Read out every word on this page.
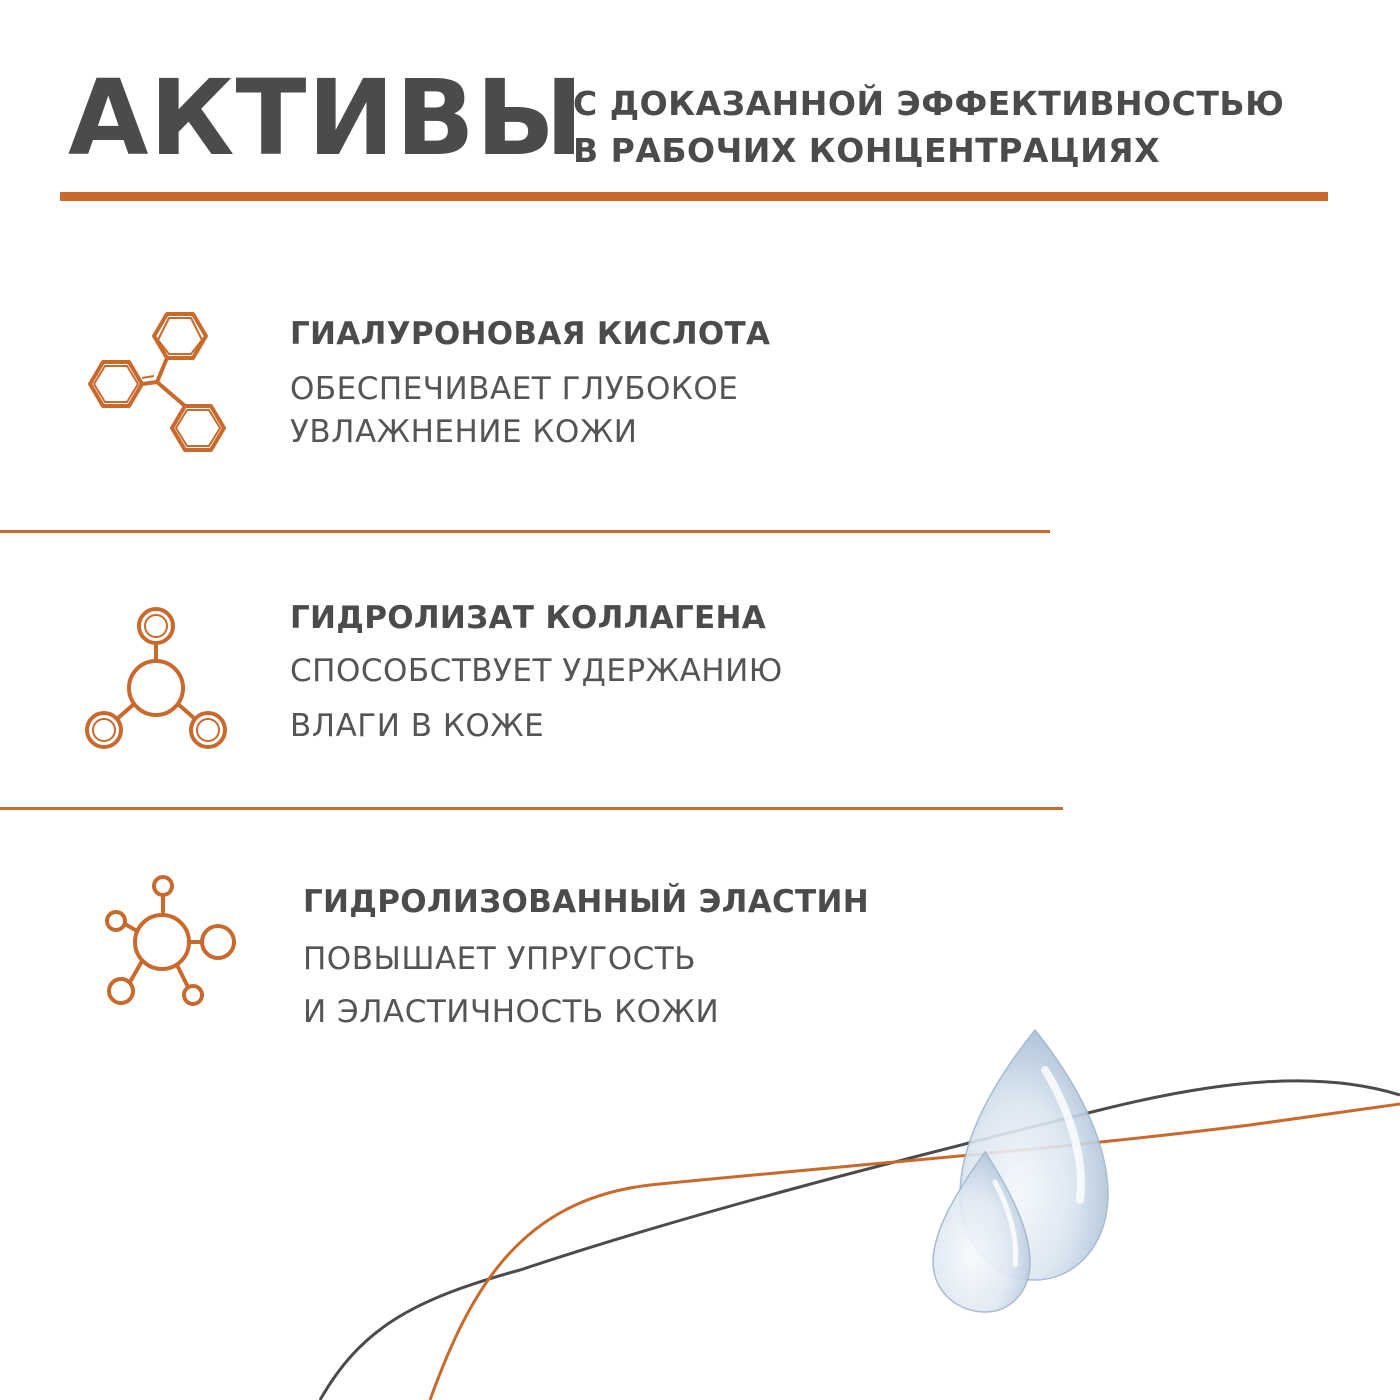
АКТИВЫ
С ДОКАЗАННОЙ ЭФФЕКТИВНОСТЬЮ
В РАБОЧИХ КОНЦЕНТРАЦИЯХ
ГИАЛУРОНОВАЯ КИСЛОТА
ОБЕСПЕЧИВАЕТ ГЛУБОКОЕ
УВЛАЖНЕНИЕ КОЖИ
ГИДРОЛИЗАТ КОЛЛАГЕНА
СПОСОБСТВУЕТ УДЕРЖАНИЮ
ВЛАГИ В КОЖЕ
ГИДРОЛИЗОВАННЫЙ ЭЛАСТИН
ПОВЫШАЕТ УПРУГОСТЬ
И ЭЛАСТИЧНОСТЬ КОЖИ
